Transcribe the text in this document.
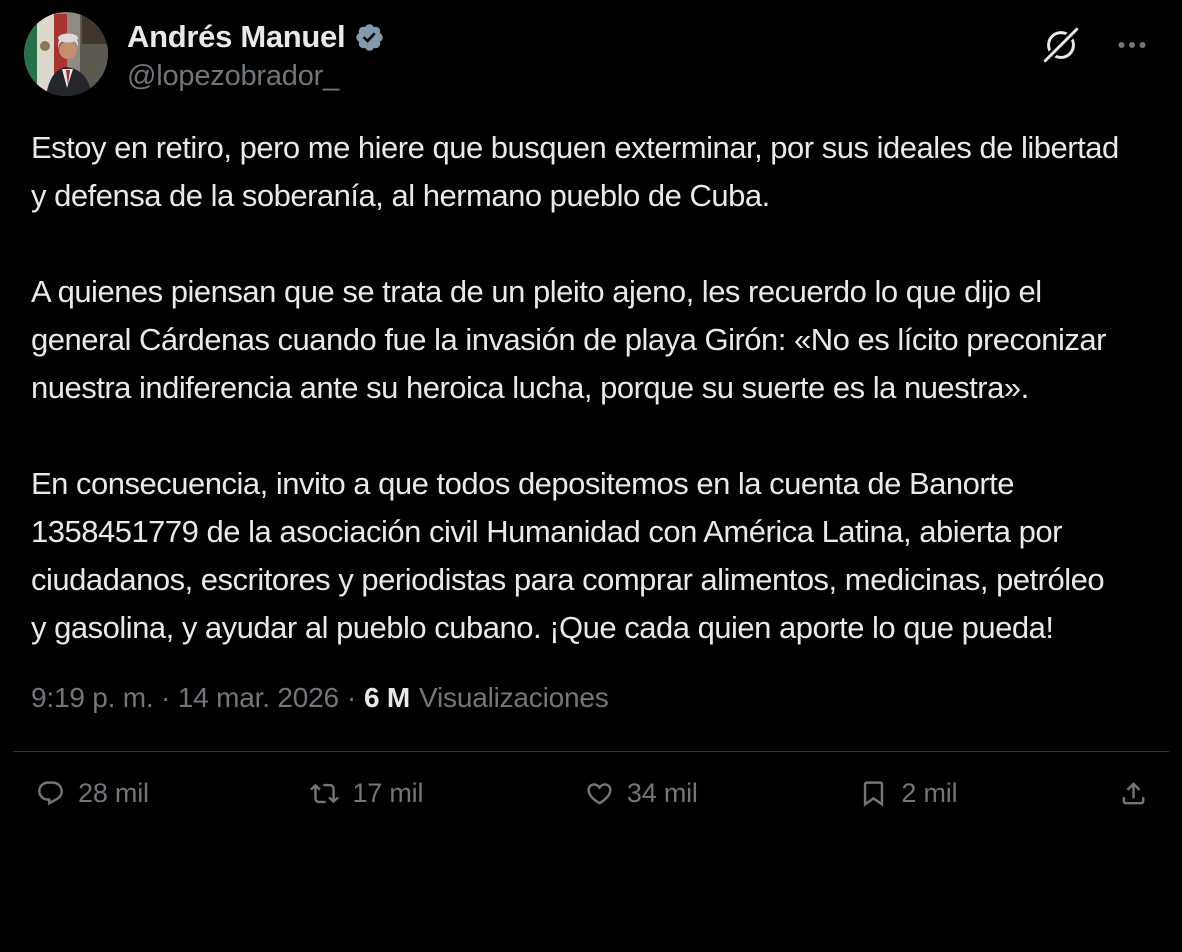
Andrés Manuel
@lopezobrador_

Estoy en retiro, pero me hiere que busquen exterminar, por sus ideales de libertad y defensa de la soberanía, al hermano pueblo de Cuba.

A quienes piensan que se trata de un pleito ajeno, les recuerdo lo que dijo el general Cárdenas cuando fue la invasión de playa Girón: «No es lícito preconizar nuestra indiferencia ante su heroica lucha, porque su suerte es la nuestra».

En consecuencia, invito a que todos depositemos en la cuenta de Banorte 1358451779 de la asociación civil Humanidad con América Latina, abierta por ciudadanos, escritores y periodistas para comprar alimentos, medicinas, petróleo y gasolina, y ayudar al pueblo cubano. ¡Que cada quien aporte lo que pueda!

9:19 p. m. · 14 mar. 2026 · 6 M Visualizaciones
28 mil	17 mil	34 mil	2 mil
